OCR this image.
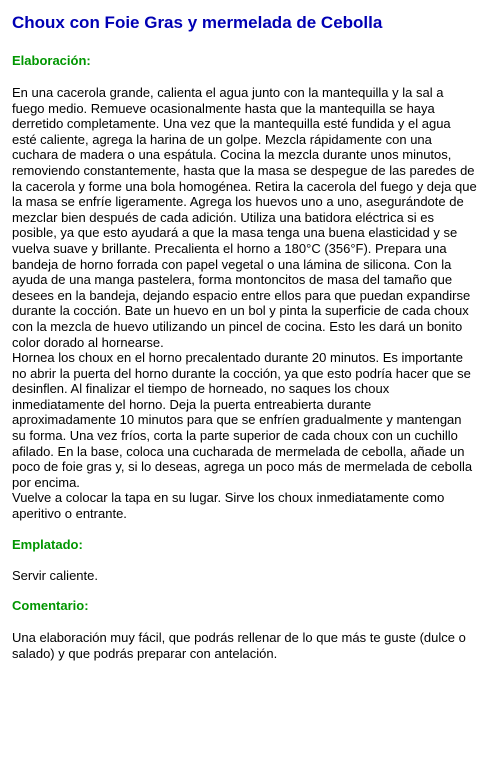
Choux con Foie Gras y mermelada de Cebolla
Elaboración:

En una cacerola grande, calienta el agua junto con la mantequilla y la sal a fuego medio. Remueve ocasionalmente hasta que la mantequilla se haya derretido completamente. Una vez que la mantequilla esté fundida y el agua esté caliente, agrega la harina de un golpe. Mezcla rápidamente con una cuchara de madera o una espátula. Cocina la mezcla durante unos minutos, removiendo constantemente, hasta que la masa se despegue de las paredes de la cacerola y forme una bola homogénea. Retira la cacerola del fuego y deja que la masa se enfríe ligeramente. Agrega los huevos uno a uno, asegurándote de mezclar bien después de cada adición. Utiliza una batidora eléctrica si es posible, ya que esto ayudará a que la masa tenga una buena elasticidad y se vuelva suave y brillante. Precalienta el horno a 180°C (356°F). Prepara una bandeja de horno forrada con papel vegetal o una lámina de silicona. Con la ayuda de una manga pastelera, forma montoncitos de masa del tamaño que desees en la bandeja, dejando espacio entre ellos para que puedan expandirse durante la cocción. Bate un huevo en un bol y pinta la superficie de cada choux con la mezcla de huevo utilizando un pincel de cocina. Esto les dará un bonito color dorado al hornearse.

Hornea los choux en el horno precalentado durante 20 minutos. Es importante no abrir la puerta del horno durante la cocción, ya que esto podría hacer que se desinflen. Al finalizar el tiempo de horneado, no saques los choux inmediatamente del horno. Deja la puerta entreabierta durante aproximadamente 10 minutos para que se enfríen gradualmente y mantengan su forma. Una vez fríos, corta la parte superior de cada choux con un cuchillo afilado. En la base, coloca una cucharada de mermelada de cebolla, añade un poco de foie gras y, si lo deseas, agrega un poco más de mermelada de cebolla por encima.

Vuelve a colocar la tapa en su lugar. Sirve los choux inmediatamente como aperitivo o entrante.

Emplatado:

Servir caliente.

Comentario:

Una elaboración muy fácil, que podrás rellenar de lo que más te guste (dulce o salado) y que podrás preparar con antelación.
